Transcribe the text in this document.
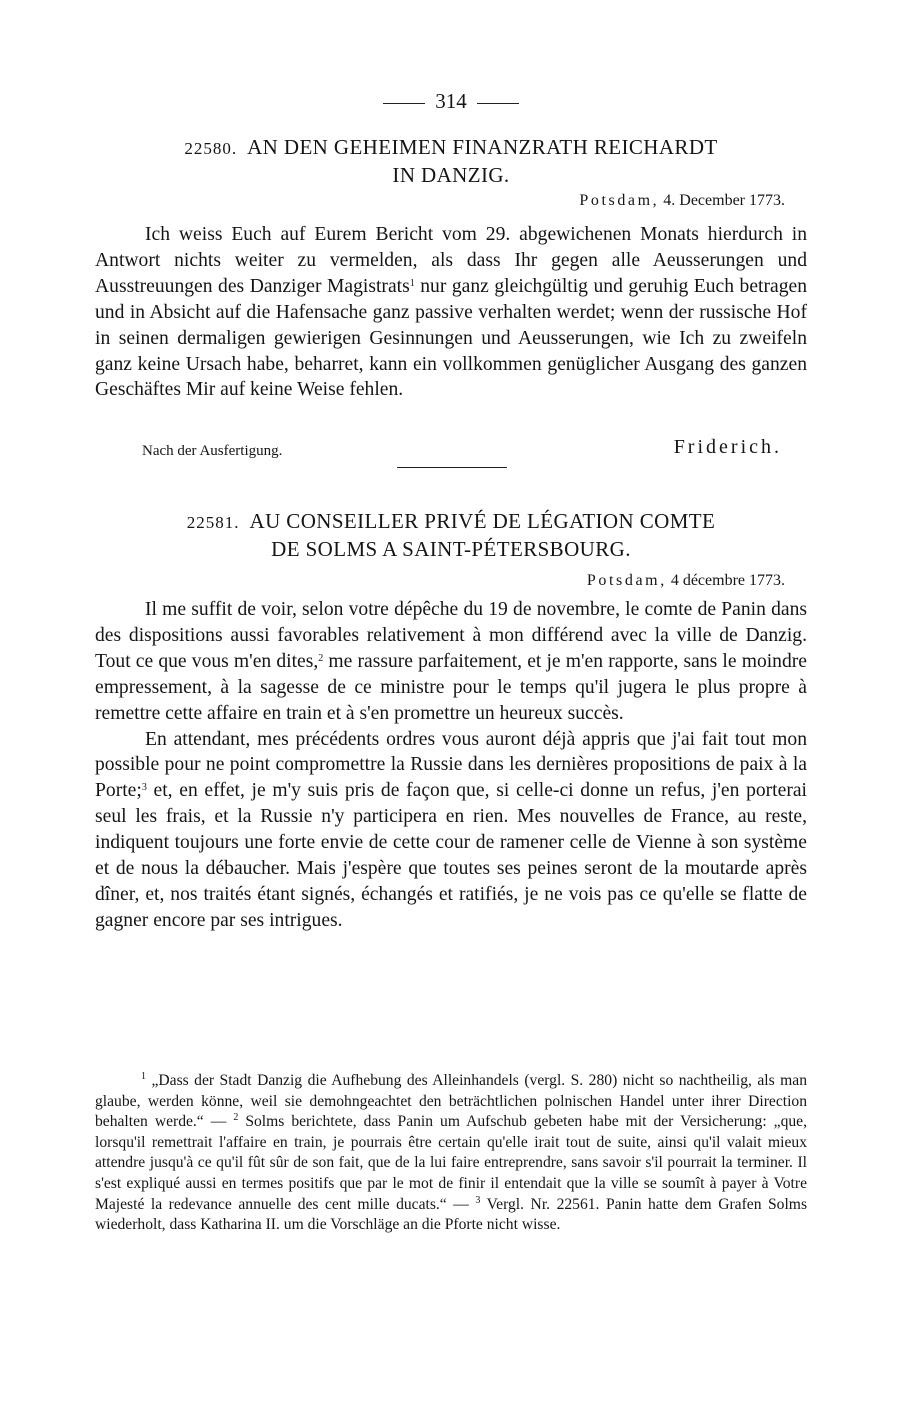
314
22580. AN DEN GEHEIMEN FINANZRATH REICHARDT
IN DANZIG.
Potsdam, 4. December 1773.

Ich weiss Euch auf Eurem Bericht vom 29. abgewichenen Monats hierdurch in Antwort nichts weiter zu vermelden, als dass Ihr gegen alle Aeusserungen und Ausstreuungen des Danziger Magistrats$^1$ nur ganz gleichgültig und geruhig Euch betragen und in Absicht auf die Hafensache ganz passive verhalten werdet; wenn der russische Hof in seinen dermaligen gewierigen Gesinnungen und Aeusserungen, wie Ich zu zweifeln ganz keine Ursach habe, beharret, kann ein vollkommen genüglicher Ausgang des ganzen Geschäftes Mir auf keine Weise fehlen.

Nach der Ausfertigung.	Friderich.
22581. AU CONSEILLER PRIVÉ DE LÉGATION COMTE
DE SOLMS A SAINT-PÉTERSBOURG.
Potsdam, 4 décembre 1773.

Il me suffit de voir, selon votre dépêche du 19 de novembre, le comte de Panin dans des dispositions aussi favorables relativement à mon différend avec la ville de Danzig. Tout ce que vous m'en dites,$^2$ me rassure parfaitement, et je m'en rapporte, sans le moindre empressement, à la sagesse de ce ministre pour le temps qu'il jugera le plus propre à remettre cette affaire en train et à s'en promettre un heureux succès.

En attendant, mes précédents ordres vous auront déjà appris que j'ai fait tout mon possible pour ne point compromettre la Russie dans les dernières propositions de paix à la Porte;$^3$ et, en effet, je m'y suis pris de façon que, si celle-ci donne un refus, j'en porterai seul les frais, et la Russie n'y participera en rien. Mes nouvelles de France, au reste, indiquent toujours une forte envie de cette cour de ramener celle de Vienne à son système et de nous la débaucher. Mais j'espère que toutes ses peines seront de la moutarde après dîner, et, nos traités étant signés, échangés et ratifiés, je ne vois pas ce qu'elle se flatte de gagner encore par ses intrigues.

$^1$ „Dass der Stadt Danzig die Aufhebung des Alleinhandels (vergl. S. 280) nicht so nachtheilig, als man glaube, werden könne, weil sie demohngeachtet den beträchtlichen polnischen Handel unter ihrer Direction behalten werde.“ — $^2$ Solms berichtete, dass Panin um Aufschub gebeten habe mit der Versicherung: „que, lorsqu'il remettrait l'affaire en train, je pourrais être certain qu'elle irait tout de suite, ainsi qu'il valait mieux attendre jusqu'à ce qu'il fût sûr de son fait, que de la lui faire entreprendre, sans savoir s'il pourrait la terminer. Il s'est expliqué aussi en termes positifs que par le mot de finir il entendait que la ville se soumît à payer à Votre Majesté la redevance annuelle des cent mille ducats.“ — $^3$ Vergl. Nr. 22561. Panin hatte dem Grafen Solms wiederholt, dass Katharina II. um die Vorschläge an die Pforte nicht wisse.
